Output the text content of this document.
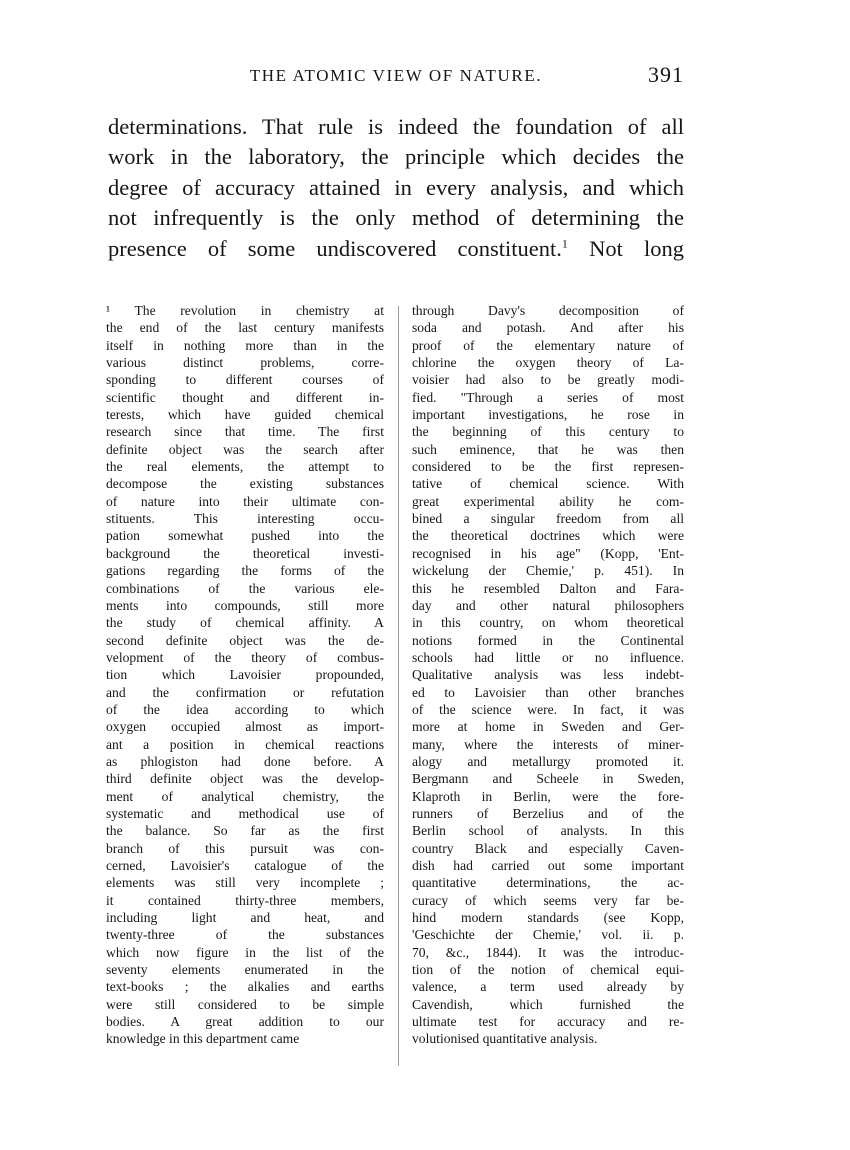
THE ATOMIC VIEW OF NATURE.	391
determinations. That rule is indeed the foundation of all
work in the laboratory, the principle which decides the
degree of accuracy attained in every analysis, and which
not infrequently is the only method of determining the
presence of some undiscovered constituent.$^1$ Not long
¹ The revolution in chemistry at
the end of the last century manifests
itself in nothing more than in the
various distinct problems, corre-
sponding to different courses of
scientific thought and different in-
terests, which have guided chemical
research since that time. The first
definite object was the search after
the real elements, the attempt to
decompose the existing substances
of nature into their ultimate con-
stituents. This interesting occu-
pation somewhat pushed into the
background the theoretical investi-
gations regarding the forms of the
combinations of the various ele-
ments into compounds, still more
the study of chemical affinity. A
second definite object was the de-
velopment of the theory of combus-
tion which Lavoisier propounded,
and the confirmation or refutation
of the idea according to which
oxygen occupied almost as import-
ant a position in chemical reactions
as phlogiston had done before. A
third definite object was the develop-
ment of analytical chemistry, the
systematic and methodical use of
the balance. So far as the first
branch of this pursuit was con-
cerned, Lavoisier's catalogue of the
elements was still very incomplete ;
it contained thirty-three members,
including light and heat, and
twenty-three of the substances
which now figure in the list of the
seventy elements enumerated in the
text-books ; the alkalies and earths
were still considered to be simple
bodies. A great addition to our
knowledge in this department came
through Davy's decomposition of
soda and potash. And after his
proof of the elementary nature of
chlorine the oxygen theory of La-
voisier had also to be greatly modi-
fied. "Through a series of most
important investigations, he rose in
the beginning of this century to
such eminence, that he was then
considered to be the first represen-
tative of chemical science. With
great experimental ability he com-
bined a singular freedom from all
the theoretical doctrines which were
recognised in his age" (Kopp, 'Ent-
wickelung der Chemie,' p. 451). In
this he resembled Dalton and Fara-
day and other natural philosophers
in this country, on whom theoretical
notions formed in the Continental
schools had little or no influence.
Qualitative analysis was less indebt-
ed to Lavoisier than other branches
of the science were. In fact, it was
more at home in Sweden and Ger-
many, where the interests of miner-
alogy and metallurgy promoted it.
Bergmann and Scheele in Sweden,
Klaproth in Berlin, were the fore-
runners of Berzelius and of the
Berlin school of analysts. In this
country Black and especially Caven-
dish had carried out some important
quantitative determinations, the ac-
curacy of which seems very far be-
hind modern standards (see Kopp,
'Geschichte der Chemie,' vol. ii. p.
70, &c., 1844). It was the introduc-
tion of the notion of chemical equi-
valence, a term used already by
Cavendish, which furnished the
ultimate test for accuracy and re-
volutionised quantitative analysis.
